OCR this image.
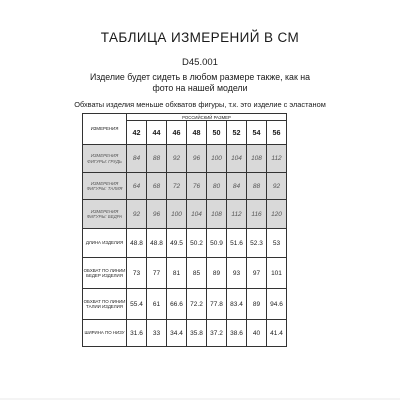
ТАБЛИЦА ИЗМЕРЕНИЙ В СМ
D45.001
Изделие будет сидеть в любом размере также, как на фото на нашей модели
Обхваты изделия меньше обхватов фигуры, т.к. это изделие с эластаном
ИЗМЕРЕНИЯ	РОССИЙСКИЙ РАЗМЕР							
	42	44	46	48	50	52	54	56
ИЗМЕРЕНИЯ ФИГУРЫ: ГРУДЬ	84	88	92	96	100	104	108	112
ИЗМЕРЕНИЯ ФИГУРЫ: ТАЛИЯ	64	68	72	76	80	84	88	92
ИЗМЕРЕНИЯ ФИГУРЫ: БЕДРА	92	96	100	104	108	112	116	120
ДЛИНА ИЗДЕЛИЯ	48.8	48.8	49.5	50.2	50.9	51.6	52.3	53
ОБХВАТ ПО ЛИНИИ БЕДЕР ИЗДЕЛИЯ	73	77	81	85	89	93	97	101
ОБХВАТ ПО ЛИНИИ ТАЛИИ ИЗДЕЛИЯ	55.4	61	66.6	72.2	77.8	83.4	89	94.6
ШИРИНА ПО НИЗУ	31.6	33	34.4	35.8	37.2	38.6	40	41.4
